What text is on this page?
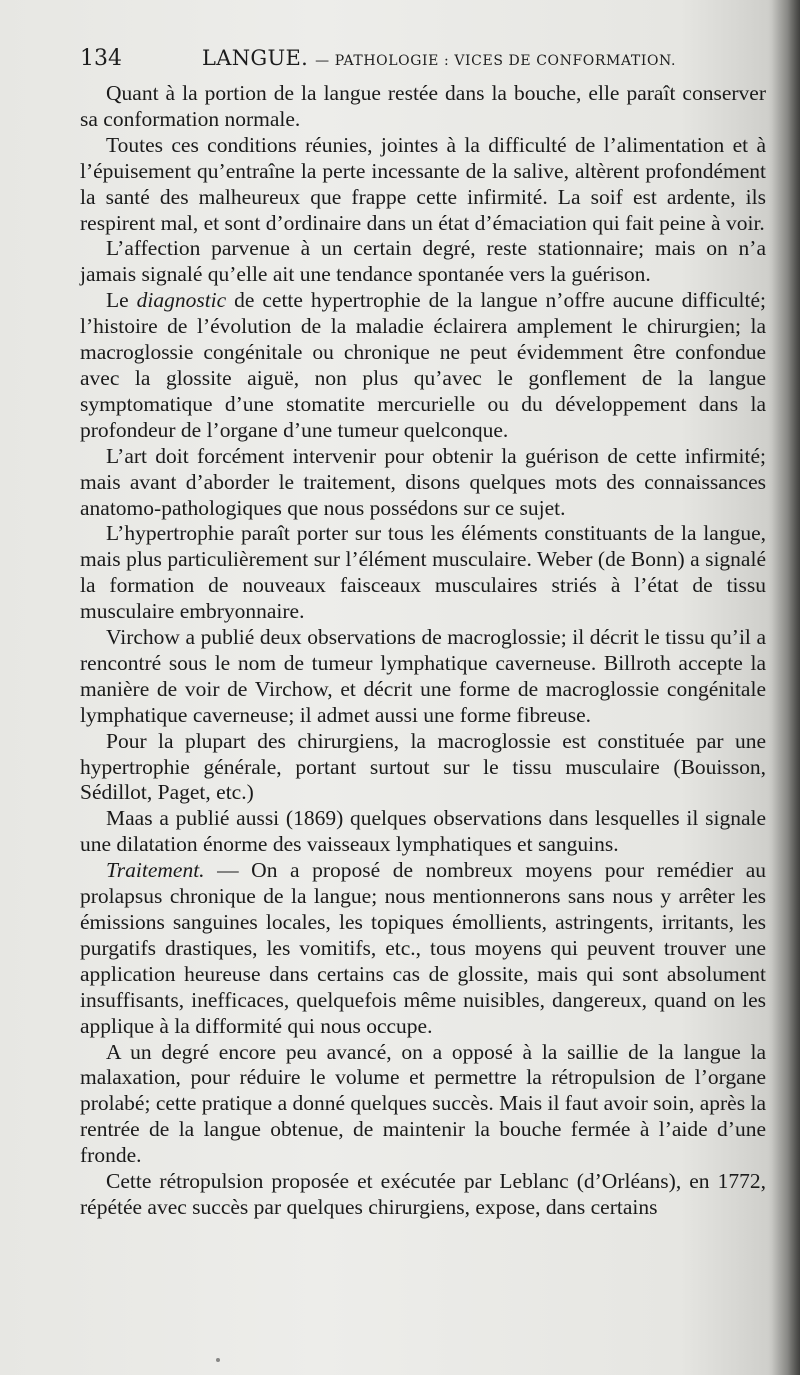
134	LANGUE. — PATHOLOGIE : VICES DE CONFORMATION.

Quant à la portion de la langue restée dans la bouche, elle paraît conserver sa conformation normale.

Toutes ces conditions réunies, jointes à la difficulté de l’alimentation et à l’épuisement qu’entraîne la perte incessante de la salive, altèrent profondément la santé des malheureux que frappe cette infirmité. La soif est ardente, ils respirent mal, et sont d’ordinaire dans un état d’émaciation qui fait peine à voir.

L’affection parvenue à un certain degré, reste stationnaire; mais on n’a jamais signalé qu’elle ait une tendance spontanée vers la guérison.

Le diagnostic de cette hypertrophie de la langue n’offre aucune difficulté; l’histoire de l’évolution de la maladie éclairera amplement le chirurgien; la macroglossie congénitale ou chronique ne peut évidemment être confondue avec la glossite aiguë, non plus qu’avec le gonflement de la langue symptomatique d’une stomatite mercurielle ou du développement dans la profondeur de l’organe d’une tumeur quelconque.

L’art doit forcément intervenir pour obtenir la guérison de cette infirmité; mais avant d’aborder le traitement, disons quelques mots des connaissances anatomo-pathologiques que nous possédons sur ce sujet.

L’hypertrophie paraît porter sur tous les éléments constituants de la langue, mais plus particulièrement sur l’élément musculaire. Weber (de Bonn) a signalé la formation de nouveaux faisceaux musculaires striés à l’état de tissu musculaire embryonnaire.

Virchow a publié deux observations de macroglossie; il décrit le tissu qu’il a rencontré sous le nom de tumeur lymphatique caverneuse. Billroth accepte la manière de voir de Virchow, et décrit une forme de macroglossie congénitale lymphatique caverneuse; il admet aussi une forme fibreuse.

Pour la plupart des chirurgiens, la macroglossie est constituée par une hypertrophie générale, portant surtout sur le tissu musculaire (Bouisson, Sédillot, Paget, etc.)

Maas a publié aussi (1869) quelques observations dans lesquelles il signale une dilatation énorme des vaisseaux lymphatiques et sanguins.

Traitement. — On a proposé de nombreux moyens pour remédier au prolapsus chronique de la langue; nous mentionnerons sans nous y arrêter les émissions sanguines locales, les topiques émollients, astringents, irritants, les purgatifs drastiques, les vomitifs, etc., tous moyens qui peuvent trouver une application heureuse dans certains cas de glossite, mais qui sont absolument insuffisants, inefficaces, quelquefois même nuisibles, dangereux, quand on les applique à la difformité qui nous occupe.

A un degré encore peu avancé, on a opposé à la saillie de la langue la malaxation, pour réduire le volume et permettre la rétropulsion de l’organe prolabé; cette pratique a donné quelques succès. Mais il faut avoir soin, après la rentrée de la langue obtenue, de maintenir la bouche fermée à l’aide d’une fronde.

Cette rétropulsion proposée et exécutée par Leblanc (d’Orléans), en 1772, répétée avec succès par quelques chirurgiens, expose, dans certains
